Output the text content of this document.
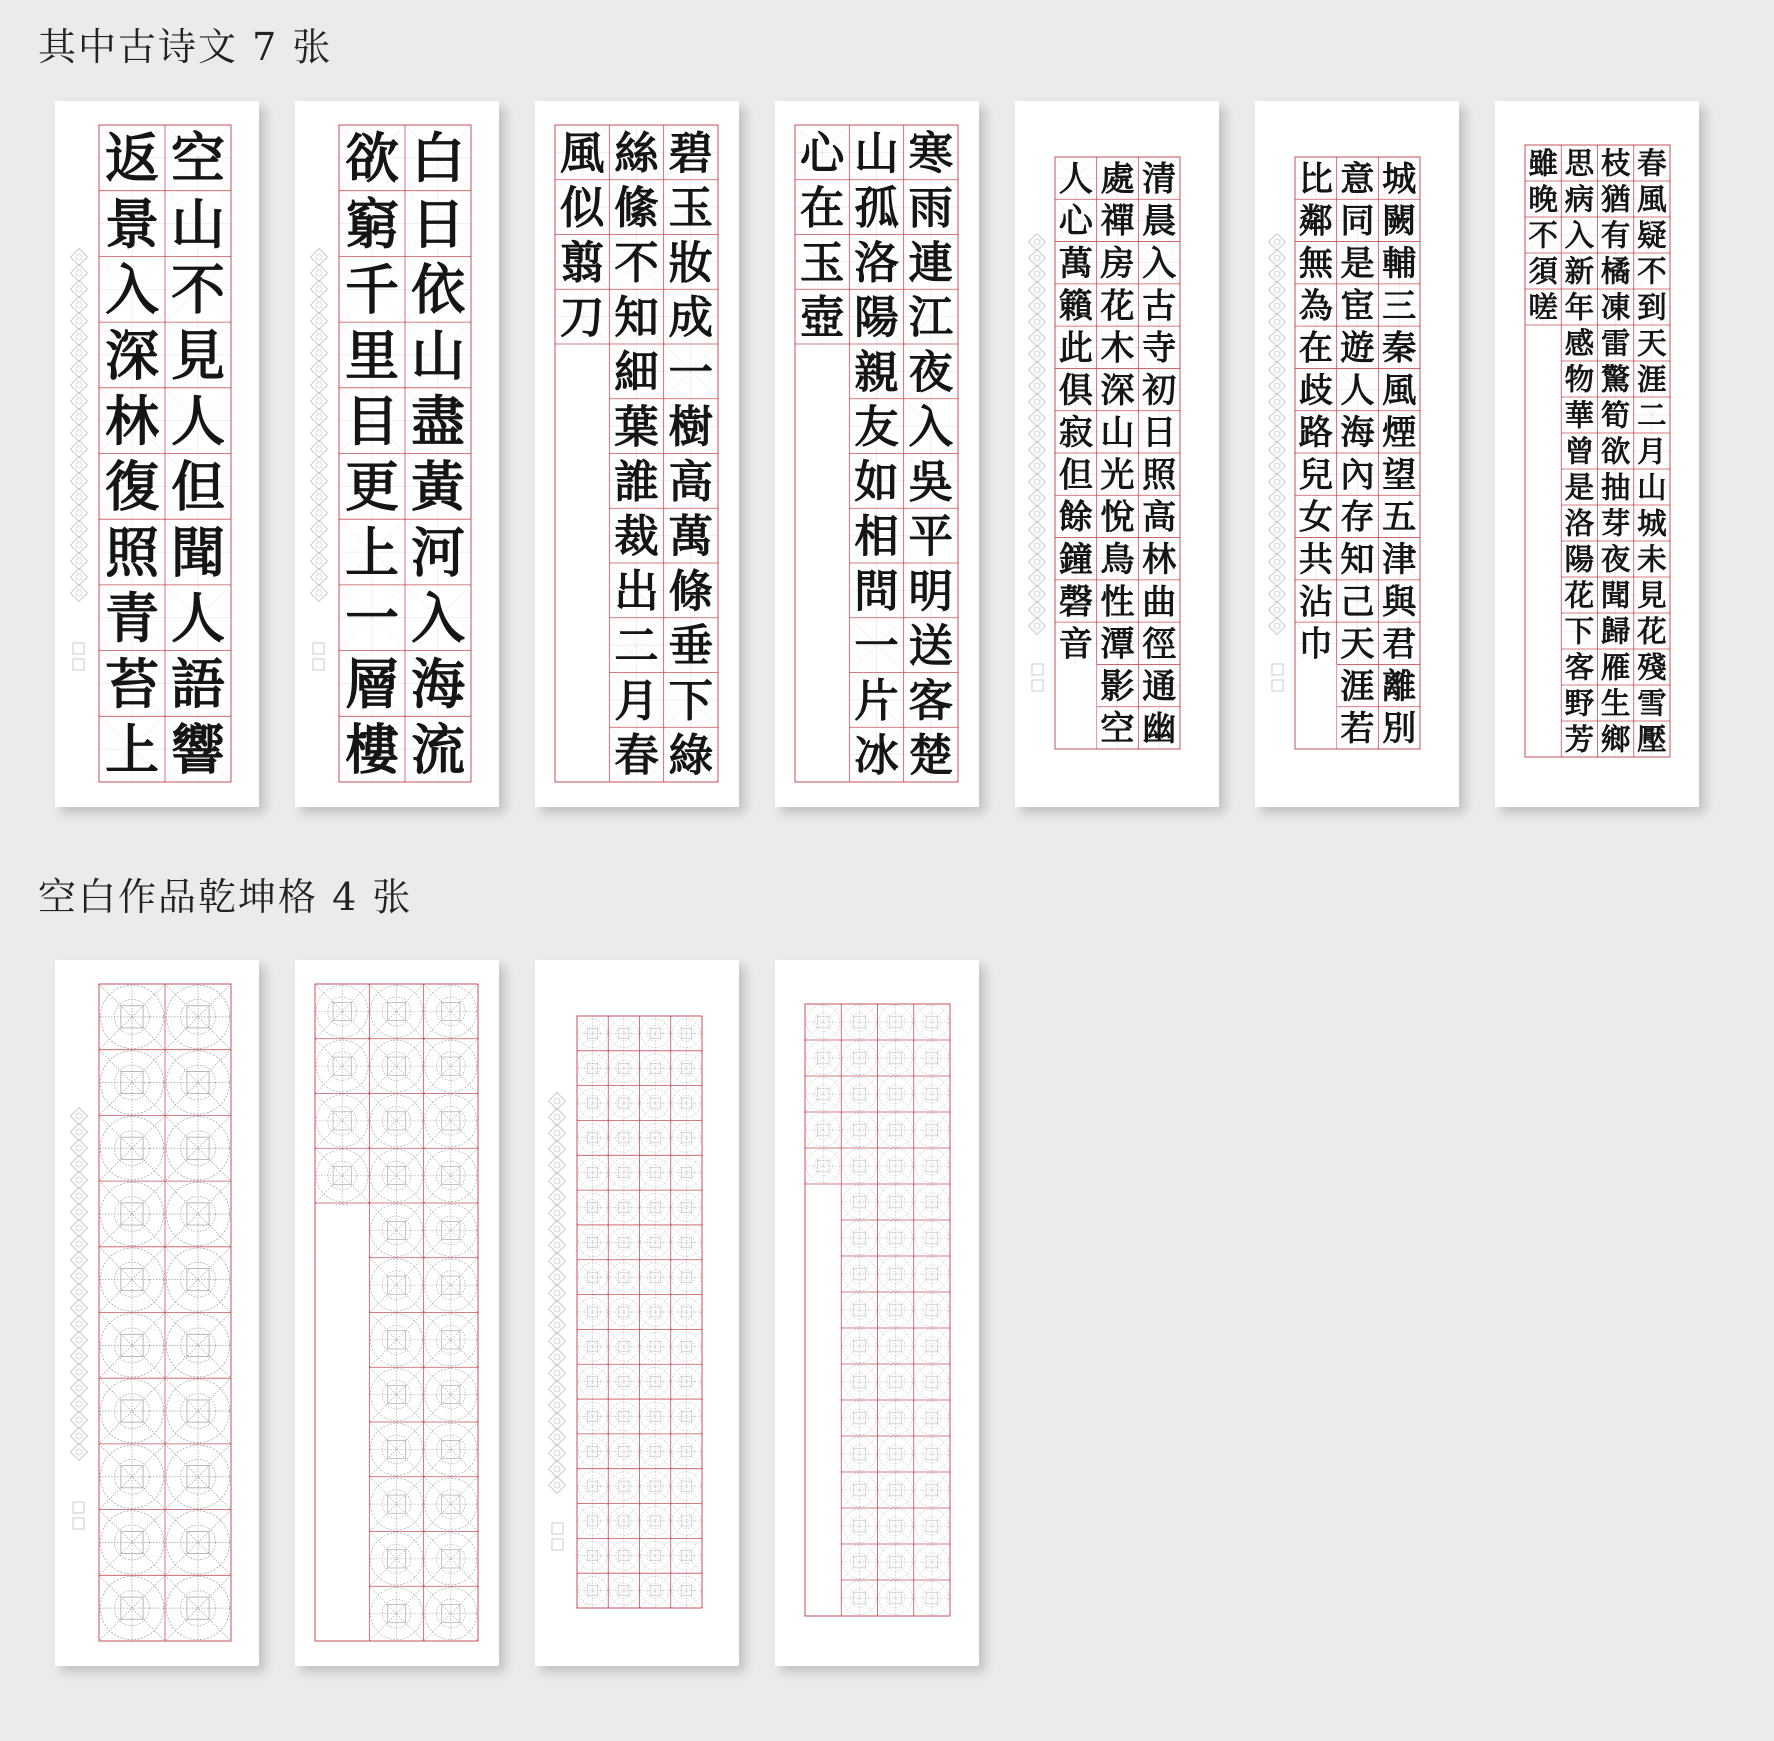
其中古诗文 7 张
空白作品乾坤格 4 张
空
山
不
見
人
但
聞
人
語
響
返
景
入
深
林
復
照
青
苔
上
白
日
依
山
盡
黃
河
入
海
流
欲
窮
千
里
目
更
上
一
層
樓
碧
玉
妝
成
一
樹
高
萬
條
垂
下
綠
絲
絛
不
知
細
葉
誰
裁
出
二
月
春
風
似
翦
刀
寒
雨
連
江
夜
入
吳
平
明
送
客
楚
山
孤
洛
陽
親
友
如
相
問
一
片
冰
心
在
玉
壺
清
晨
入
古
寺
初
日
照
高
林
曲
徑
通
幽
處
禪
房
花
木
深
山
光
悅
鳥
性
潭
影
空
人
心
萬
籟
此
俱
寂
但
餘
鐘
磬
音
城
闕
輔
三
秦
風
煙
望
五
津
與
君
離
別
意
同
是
宦
遊
人
海
內
存
知
己
天
涯
若
比
鄰
無
為
在
歧
路
兒
女
共
沾
巾
春
風
疑
不
到
天
涯
二
月
山
城
未
見
花
殘
雪
壓
枝
猶
有
橘
凍
雷
驚
筍
欲
抽
芽
夜
聞
歸
雁
生
鄉
思
病
入
新
年
感
物
華
曾
是
洛
陽
花
下
客
野
芳
雖
晚
不
須
嗟
